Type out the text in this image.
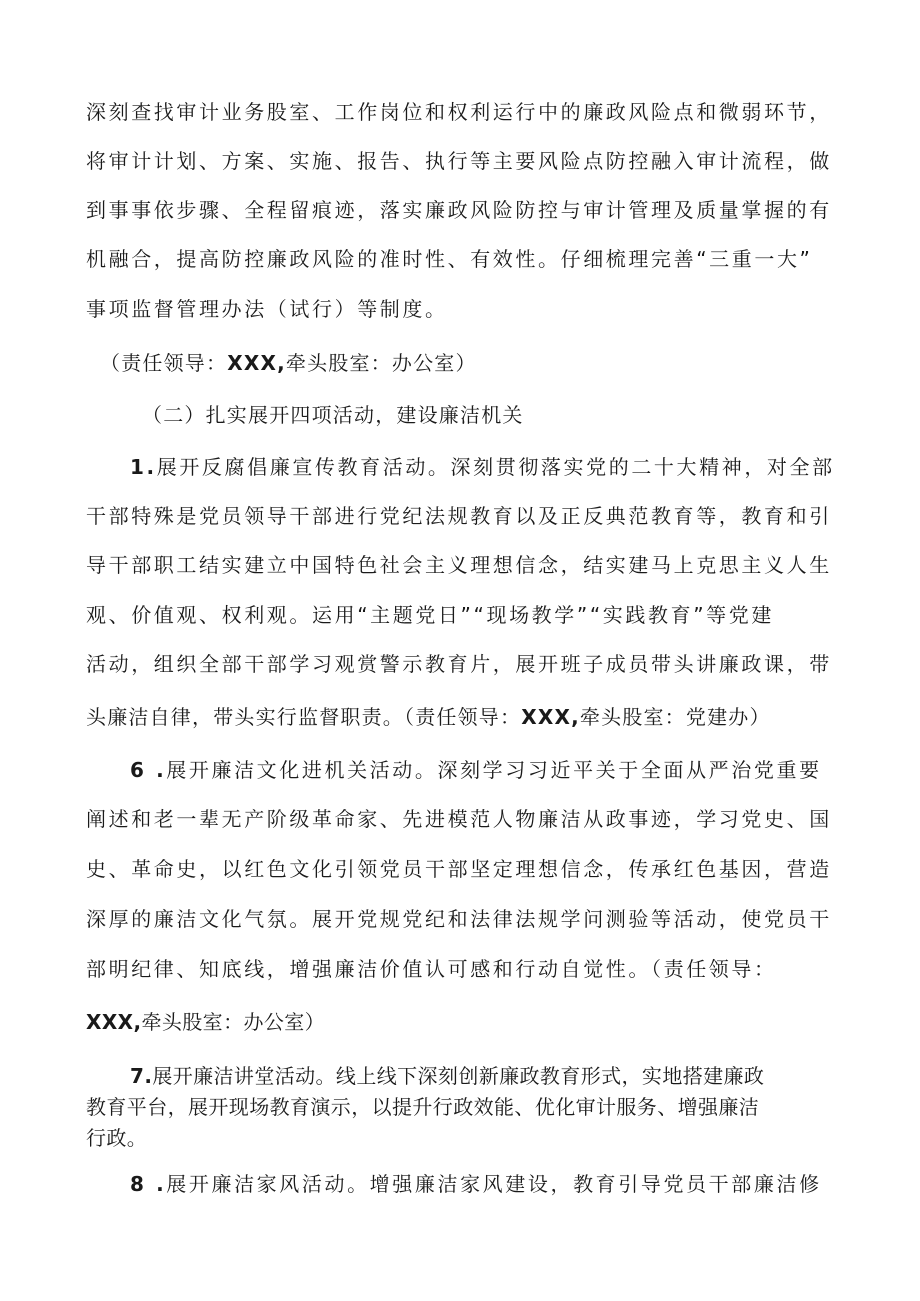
深刻查找审计业务股室、工作岗位和权利运行中的廉政风险点和微弱环节，
将审计计划、方案、实施、报告、执行等主要风险点防控融入审计流程，做
到事事依步骤、全程留痕迹，落实廉政风险防控与审计管理及质量掌握的有
机融合，提高防控廉政风险的准时性、有效性。仔细梳理完善“三重一大”
事项监督管理办法（试行）等制度。
（责任领导：XXX,牵头股室：办公室）
（二）扎实展开四项活动，建设廉洁机关
1.展开反腐倡廉宣传教育活动。深刻贯彻落实党的二十大精神，对全部
干部特殊是党员领导干部进行党纪法规教育以及正反典范教育等，教育和引
导干部职工结实建立中国特色社会主义理想信念，结实建马上克思主义人生
观、价值观、权利观。运用“主题党日”“现场教学”“实践教育”等党建
活动，组织全部干部学习观赏警示教育片，展开班子成员带头讲廉政课，带
头廉洁自律，带头实行监督职责。（责任领导：XXX,牵头股室：党建办）
6 .展开廉洁文化进机关活动。深刻学习习近平关于全面从严治党重要
阐述和老一辈无产阶级革命家、先进模范人物廉洁从政事迹，学习党史、国
史、革命史，以红色文化引领党员干部坚定理想信念，传承红色基因，营造
深厚的廉洁文化气氛。展开党规党纪和法律法规学问测验等活动，使党员干
部明纪律、知底线，增强廉洁价值认可感和行动自觉性。（责任领导：
XXX,牵头股室：办公室）
7.展开廉洁讲堂活动。线上线下深刻创新廉政教育形式，实地搭建廉政
教育平台，展开现场教育演示，以提升行政效能、优化审计服务、增强廉洁
行政。
8 .展开廉洁家风活动。增强廉洁家风建设，教育引导党员干部廉洁修
